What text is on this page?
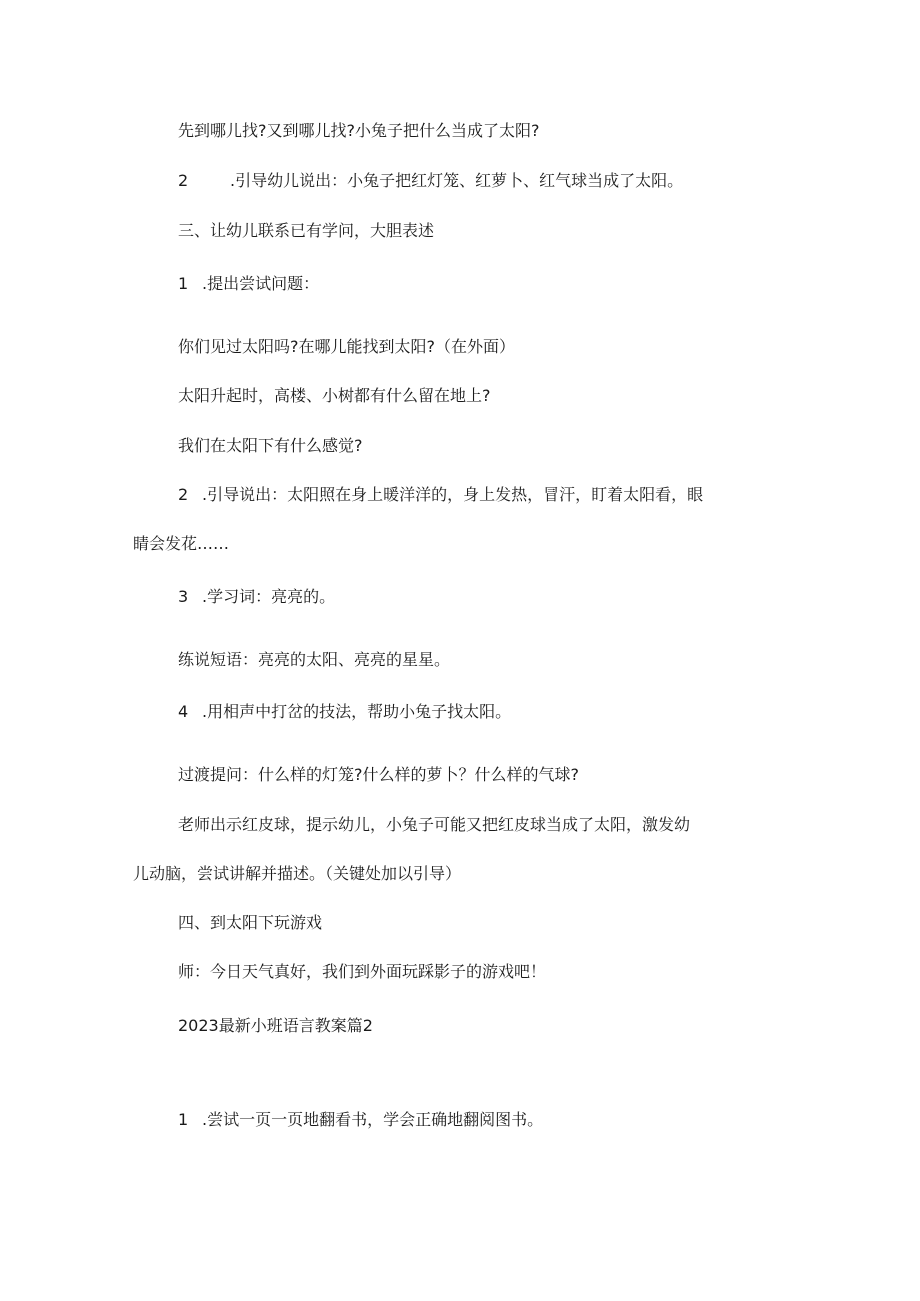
先到哪儿找?又到哪儿找?小兔子把什么当成了太阳?

2	.引导幼儿说出：小兔子把红灯笼、红萝卜、红气球当成了太阳。

三、让幼儿联系已有学问，大胆表述

1 .提出尝试问题：

你们见过太阳吗?在哪儿能找到太阳?（在外面）

太阳升起时，高楼、小树都有什么留在地上?

我们在太阳下有什么感觉?

2 .引导说出：太阳照在身上暖洋洋的，身上发热，冒汗，盯着太阳看，眼

睛会发花……

3 .学习词：亮亮的。

练说短语：亮亮的太阳、亮亮的星星。

4 .用相声中打岔的技法，帮助小兔子找太阳。

过渡提问：什么样的灯笼?什么样的萝卜？什么样的气球?

老师出示红皮球，提示幼儿，小兔子可能又把红皮球当成了太阳，激发幼

儿动脑，尝试讲解并描述。（关键处加以引导）

四、到太阳下玩游戏

师：今日天气真好，我们到外面玩踩影子的游戏吧！

2023最新小班语言教案篇2

1 .尝试一页一页地翻看书，学会正确地翻阅图书。
